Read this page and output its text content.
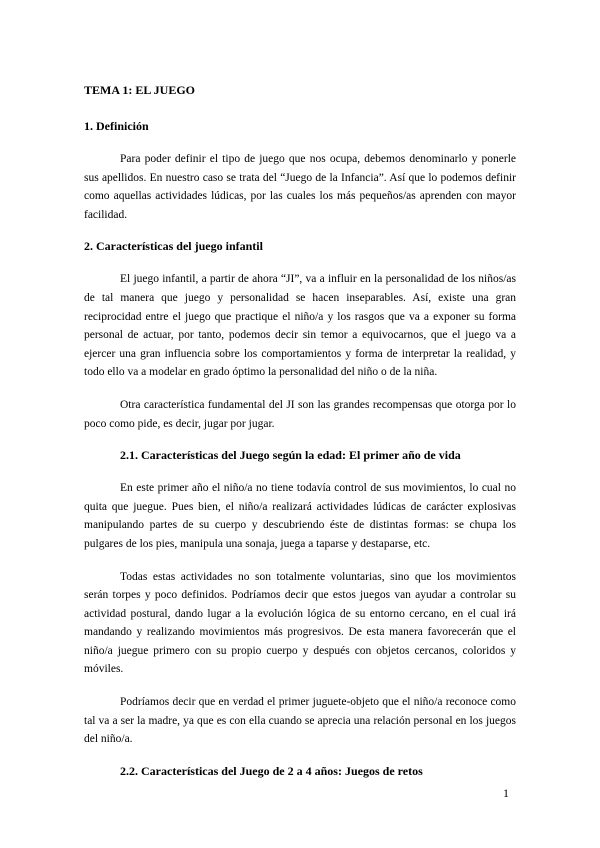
TEMA 1: EL JUEGO
1. Definición

Para poder definir el tipo de juego que nos ocupa, debemos denominarlo y ponerle sus apellidos. En nuestro caso se trata del “Juego de la Infancia”. Así que lo podemos definir como aquellas actividades lúdicas, por las cuales los más pequeños/as aprenden con mayor facilidad.

2. Características del juego infantil

El juego infantil, a partir de ahora “JI”, va a influir en la personalidad de los niños/as de tal manera que juego y personalidad se hacen inseparables. Así, existe una gran reciprocidad entre el juego que practique el niño/a y los rasgos que va a exponer su forma personal de actuar, por tanto, podemos decir sin temor a equivocarnos, que el juego va a ejercer una gran influencia sobre los comportamientos y forma de interpretar la realidad, y todo ello va a modelar en grado óptimo la personalidad del niño o de la niña.

Otra característica fundamental del JI son las grandes recompensas que otorga por lo poco como pide, es decir, jugar por jugar.

2.1. Características del Juego según la edad: El primer año de vida

En este primer año el niño/a no tiene todavía control de sus movimientos, lo cual no quita que juegue. Pues bien, el niño/a realizará actividades lúdicas de carácter explosivas manipulando partes de su cuerpo y descubriendo éste de distintas formas: se chupa los pulgares de los pies, manipula una sonaja, juega a taparse y destaparse, etc.

Todas estas actividades no son totalmente voluntarias, sino que los movimientos serán torpes y poco definidos. Podríamos decir que estos juegos van ayudar a controlar su actividad postural, dando lugar a la evolución lógica de su entorno cercano, en el cual irá mandando y realizando movimientos más progresivos. De esta manera favorecerán que el niño/a juegue primero con su propio cuerpo y después con objetos cercanos, coloridos y móviles.

Podríamos decir que en verdad el primer juguete-objeto que el niño/a reconoce como tal va a ser la madre, ya que es con ella cuando se aprecia una relación personal en los juegos del niño/a.

2.2. Características del Juego de 2 a 4 años: Juegos de retos
1
